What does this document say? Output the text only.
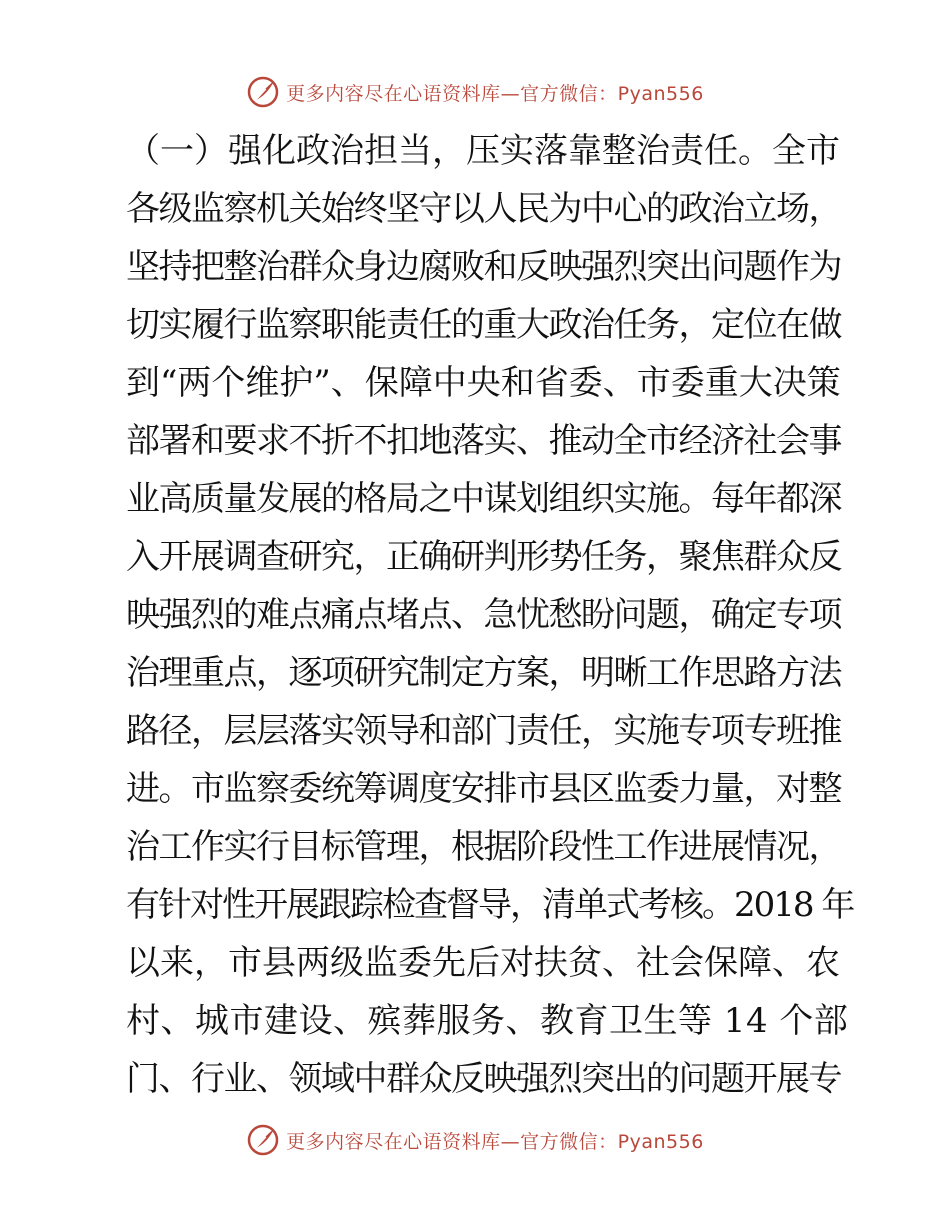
更多内容尽在心语资料库—官方微信：Pyan556
（一）强化政治担当，压实落靠整治责任。全市
各级监察机关始终坚守以人民为中心的政治立场，
坚持把整治群众身边腐败和反映强烈突出问题作为
切实履行监察职能责任的重大政治任务，定位在做
到“两个维护”、保障中央和省委、市委重大决策
部署和要求不折不扣地落实、推动全市经济社会事
业高质量发展的格局之中谋划组织实施。每年都深
入开展调查研究，正确研判形势任务，聚焦群众反
映强烈的难点痛点堵点、急忧愁盼问题，确定专项
治理重点，逐项研究制定方案，明晰工作思路方法
路径，层层落实领导和部门责任，实施专项专班推
进。市监察委统筹调度安排市县区监委力量，对整
治工作实行目标管理，根据阶段性工作进展情况，
有针对性开展跟踪检查督导，清单式考核。2018 年
以来，市县两级监委先后对扶贫、社会保障、农
村、城市建设、殡葬服务、教育卫生等 14 个部
门、行业、领域中群众反映强烈突出的问题开展专
更多内容尽在心语资料库—官方微信：Pyan556
